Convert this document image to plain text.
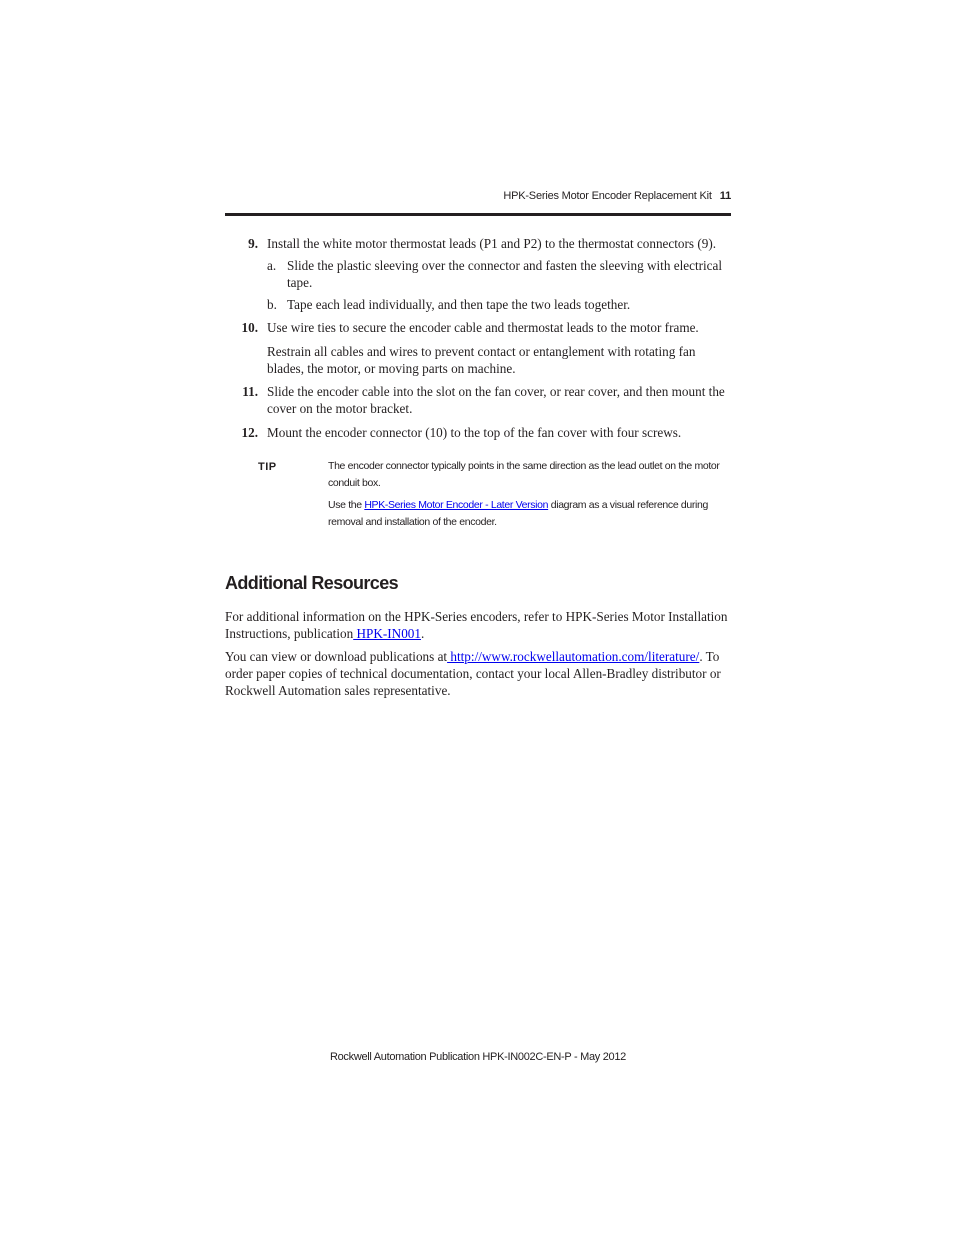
HPK-Series Motor Encoder Replacement Kit 11
9. Install the white motor thermostat leads (P1 and P2) to the thermostat connectors (9).
a. Slide the plastic sleeving over the connector and fasten the sleeving with electrical tape.
b. Tape each lead individually, and then tape the two leads together.
10. Use wire ties to secure the encoder cable and thermostat leads to the motor frame.
Restrain all cables and wires to prevent contact or entanglement with rotating fan blades, the motor, or moving parts on machine.
11. Slide the encoder cable into the slot on the fan cover, or rear cover, and then mount the cover on the motor bracket.
12. Mount the encoder connector (10) to the top of the fan cover with four screws.
TIP	The encoder connector typically points in the same direction as the lead outlet on the motor conduit box.
Use the HPK-Series Motor Encoder - Later Version diagram as a visual reference during removal and installation of the encoder.
Additional Resources
For additional information on the HPK-Series encoders, refer to HPK-Series Motor Installation Instructions, publication HPK-IN001.
You can view or download publications at http://www.rockwellautomation.com/literature/. To order paper copies of technical documentation, contact your local Allen-Bradley distributor or Rockwell Automation sales representative.
Rockwell Automation Publication HPK-IN002C-EN-P - May 2012
